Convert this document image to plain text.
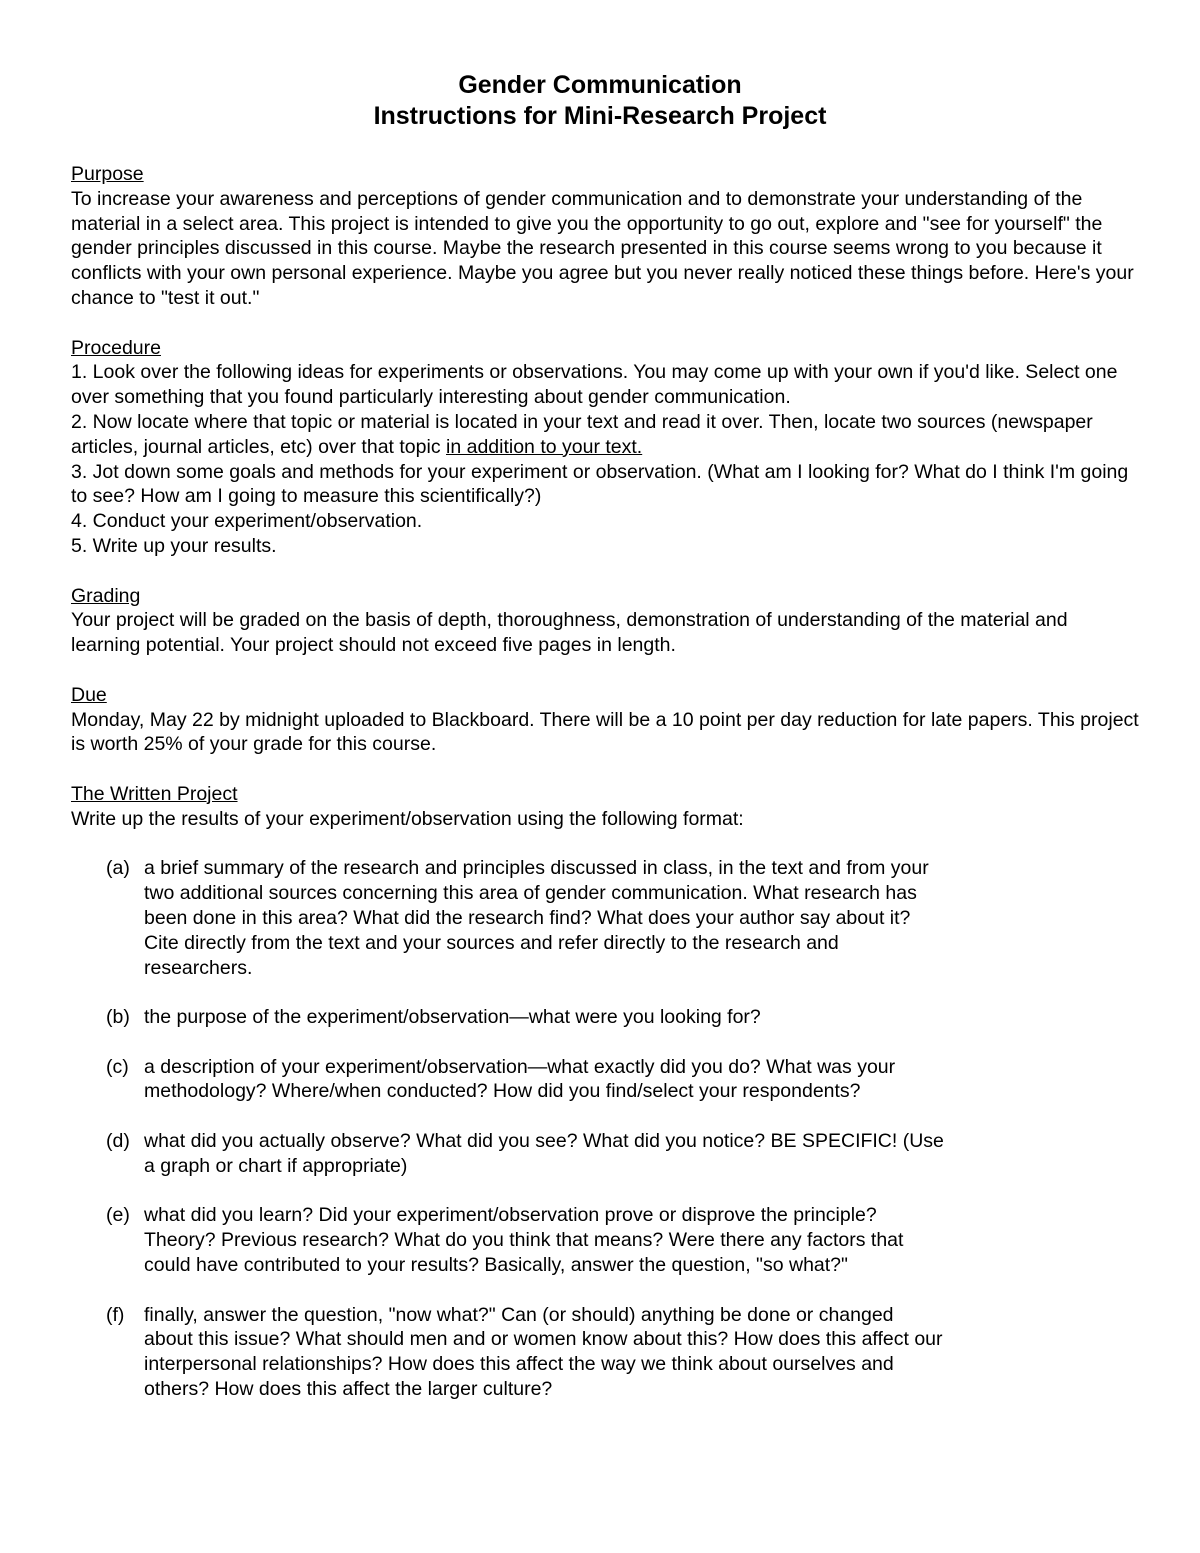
Gender Communication
Instructions for Mini-Research Project
Purpose

To increase your awareness and perceptions of gender communication and to demonstrate your understanding of the material in a select area. This project is intended to give you the opportunity to go out, explore and "see for yourself" the gender principles discussed in this course. Maybe the research presented in this course seems wrong to you because it conflicts with your own personal experience. Maybe you agree but you never really noticed these things before. Here's your chance to "test it out."

Procedure

1. Look over the following ideas for experiments or observations. You may come up with your own if you'd like. Select one over something that you found particularly interesting about gender communication.

2. Now locate where that topic or material is located in your text and read it over. Then, locate two sources (newspaper articles, journal articles, etc) over that topic in addition to your text.

3. Jot down some goals and methods for your experiment or observation. (What am I looking for? What do I think I'm going to see? How am I going to measure this scientifically?)

4. Conduct your experiment/observation.

5. Write up your results.

Grading

Your project will be graded on the basis of depth, thoroughness, demonstration of understanding of the material and learning potential. Your project should not exceed five pages in length.

Due

Monday, May 22 by midnight uploaded to Blackboard. There will be a 10 point per day reduction for late papers. This project is worth 25% of your grade for this course.

The Written Project

Write up the results of your experiment/observation using the following format:

(a) a brief summary of the research and principles discussed in class, in the text and from your two additional sources concerning this area of gender communication. What research has been done in this area? What did the research find? What does your author say about it? Cite directly from the text and your sources and refer directly to the research and researchers.
(b) the purpose of the experiment/observation—what were you looking for?
(c) a description of your experiment/observation—what exactly did you do? What was your methodology? Where/when conducted? How did you find/select your respondents?
(d) what did you actually observe? What did you see? What did you notice? BE SPECIFIC! (Use a graph or chart if appropriate)
(e) what did you learn? Did your experiment/observation prove or disprove the principle? Theory? Previous research? What do you think that means? Were there any factors that could have contributed to your results? Basically, answer the question, "so what?"
(f)	finally, answer the question, "now what?" Can (or should) anything be done or changed about this issue? What should men and or women know about this? How does this affect our interpersonal relationships? How does this affect the way we think about ourselves and others? How does this affect the larger culture?
